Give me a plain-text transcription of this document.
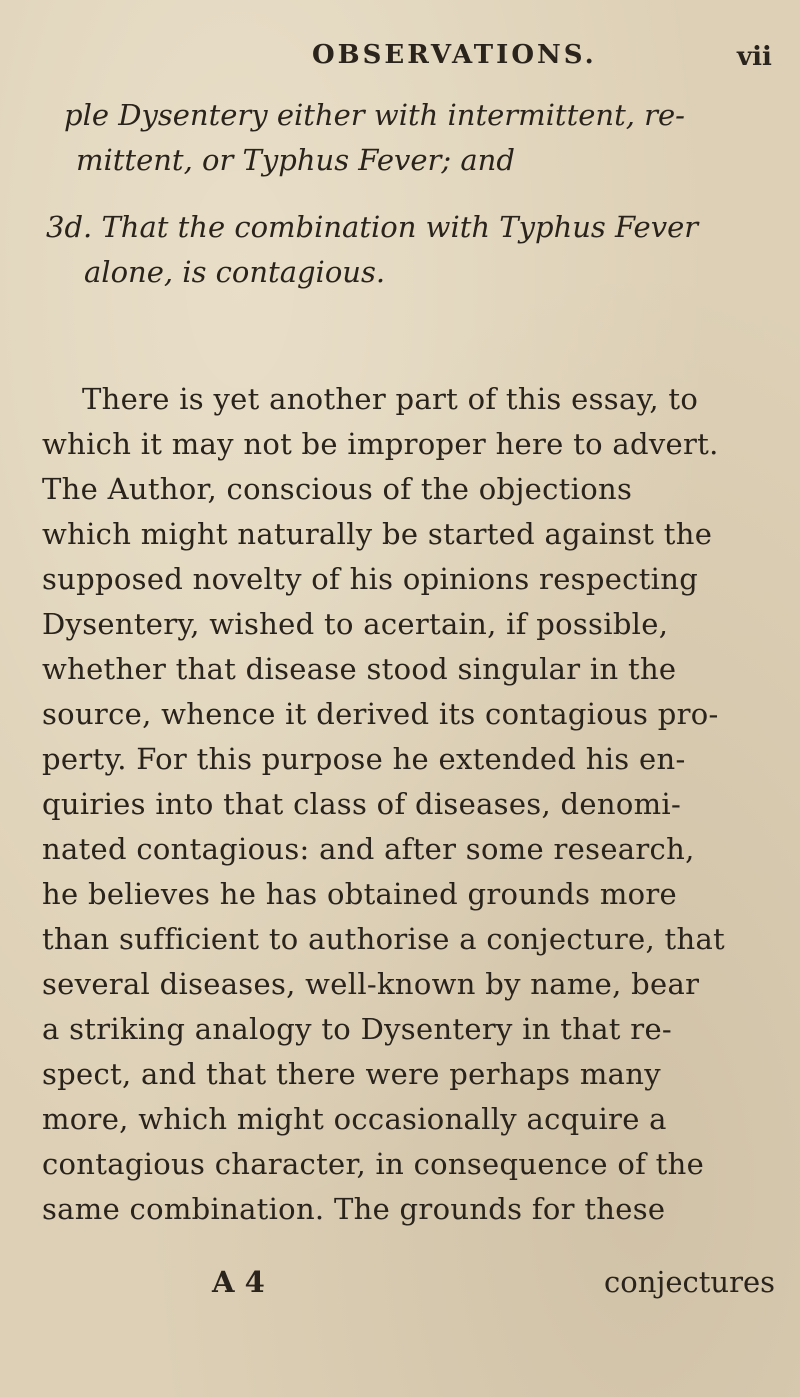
OBSERVATIONS.	vii
ple Dysentery either with intermittent, re-
mittent, or Typhus Fever; and
3d. That the combination with Typhus Fever
alone, is contagious.
There is yet another part of this essay, to
which it may not be improper here to advert.
The Author, conscious of the objections
which might naturally be started against the
supposed novelty of his opinions respecting
Dysentery, wished to acertain, if possible,
whether that disease stood singular in the
source, whence it derived its contagious pro-
perty. For this purpose he extended his en-
quiries into that class of diseases, denomi-
nated contagious: and after some research,
he believes he has obtained grounds more
than sufficient to authorise a conjecture, that
several diseases, well-known by name, bear
a striking analogy to Dysentery in that re-
spect, and that there were perhaps many
more, which might occasionally acquire a
contagious character, in consequence of the
same combination. The grounds for these
A 4	conjectures
